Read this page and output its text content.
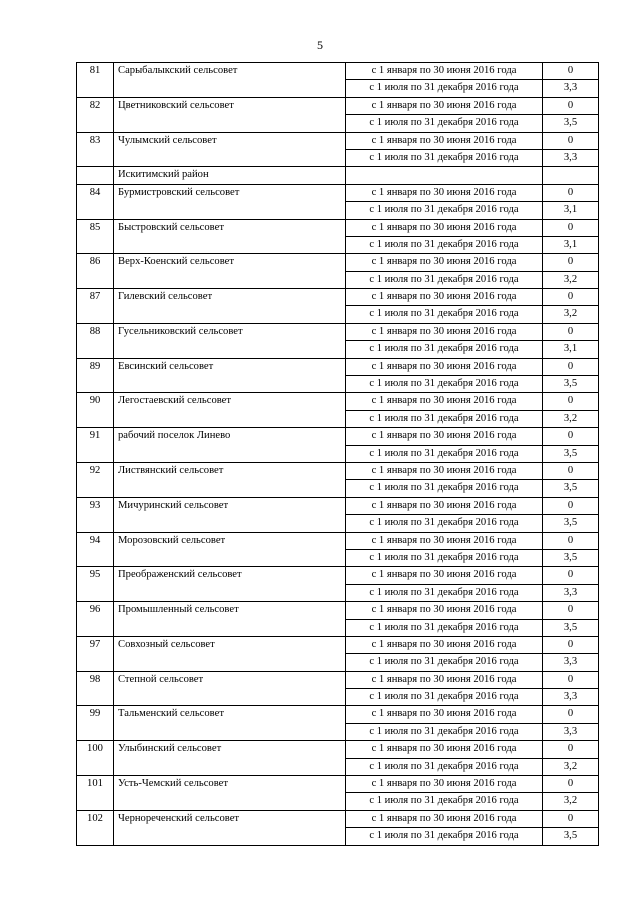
5
81	Сарыбалыкский сельсовет	с 1 января по 30 июня 2016 года	0
		с 1 июля по 31 декабря 2016 года	3,3
82	Цветниковский сельсовет	с 1 января по 30 июня 2016 года	0
		с 1 июля по 31 декабря 2016 года	3,5
83	Чулымский сельсовет	с 1 января по 30 июня 2016 года	0
		с 1 июля по 31 декабря 2016 года	3,3
	Искитимский район		
84	Бурмистровский сельсовет	с 1 января по 30 июня 2016 года	0
		с 1 июля по 31 декабря 2016 года	3,1
85	Быстровский сельсовет	с 1 января по 30 июня 2016 года	0
		с 1 июля по 31 декабря 2016 года	3,1
86	Верх-Коенский сельсовет	с 1 января по 30 июня 2016 года	0
		с 1 июля по 31 декабря 2016 года	3,2
87	Гилевский сельсовет	с 1 января по 30 июня 2016 года	0
		с 1 июля по 31 декабря 2016 года	3,2
88	Гусельниковский сельсовет	с 1 января по 30 июня 2016 года	0
		с 1 июля по 31 декабря 2016 года	3,1
89	Евсинский сельсовет	с 1 января по 30 июня 2016 года	0
		с 1 июля по 31 декабря 2016 года	3,5
90	Легостаевский сельсовет	с 1 января по 30 июня 2016 года	0
		с 1 июля по 31 декабря 2016 года	3,2
91	рабочий поселок Линево	с 1 января по 30 июня 2016 года	0
		с 1 июля по 31 декабря 2016 года	3,5
92	Листвянский сельсовет	с 1 января по 30 июня 2016 года	0
		с 1 июля по 31 декабря 2016 года	3,5
93	Мичуринский сельсовет	с 1 января по 30 июня 2016 года	0
		с 1 июля по 31 декабря 2016 года	3,5
94	Морозовский сельсовет	с 1 января по 30 июня 2016 года	0
		с 1 июля по 31 декабря 2016 года	3,5
95	Преображенский сельсовет	с 1 января по 30 июня 2016 года	0
		с 1 июля по 31 декабря 2016 года	3,3
96	Промышленный сельсовет	с 1 января по 30 июня 2016 года	0
		с 1 июля по 31 декабря 2016 года	3,5
97	Совхозный сельсовет	с 1 января по 30 июня 2016 года	0
		с 1 июля по 31 декабря 2016 года	3,3
98	Степной сельсовет	с 1 января по 30 июня 2016 года	0
		с 1 июля по 31 декабря 2016 года	3,3
99	Тальменский сельсовет	с 1 января по 30 июня 2016 года	0
		с 1 июля по 31 декабря 2016 года	3,3
100	Улыбинский сельсовет	с 1 января по 30 июня 2016 года	0
		с 1 июля по 31 декабря 2016 года	3,2
101	Усть-Чемский сельсовет	с 1 января по 30 июня 2016 года	0
		с 1 июля по 31 декабря 2016 года	3,2
102	Чернореченский сельсовет	с 1 января по 30 июня 2016 года	0
		с 1 июля по 31 декабря 2016 года	3,5
